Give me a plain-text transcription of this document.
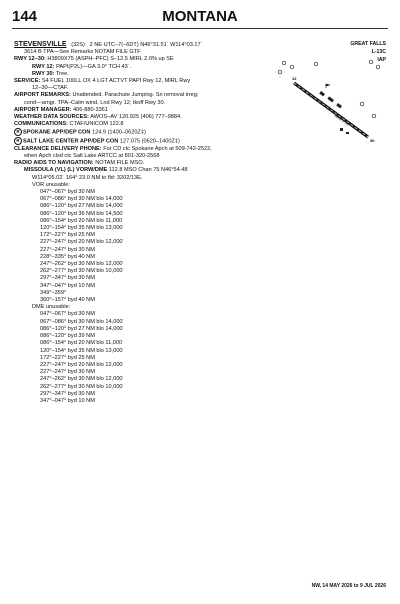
144	MONTANA
GREAT FALLS
L-13C
IAP
STEVENSVILLE (32S) 2 NE UTC–7(–6DT) N46°31.51´ W114°03.17´
3614 B TPA—See Remarks NOTAM FILE GTF
RWY 12–30: H3809X75 (ASPH–PFC) S–12.5 MIRL 2.0% up SE
RWY 12: PAPI(P2L)—GA 3.0° TCH 43´.
RWY 30: Tree.
SERVICE: S4 FUEL 100LL OX 4 LGT ACTVT PAPI Rwy 12, MIRL Rwy
12–30—CTAF.
AIRPORT REMARKS: Unattended. Parachute Jumping. Sn removal irreg;
cond—arngr. TPA–Calm wind. Lnd Rwy 12; tkoff Rwy 30.
AIRPORT MANAGER: 406-880-3361
WEATHER DATA SOURCES: AWOS–AV 120.925 (406) 777–9884.
COMMUNICATIONS: CTAF/UNICOM 122.8
R SPOKANE APP/DEP CON 124.9 (1400–0620Z‡)
R SALT LAKE CENTER APP/DEP CON 127.075 (0620–1400Z‡)
CLEARANCE DELIVERY PHONE: For CD ctc Spokane Apch at 509-742-2522,
when Apch clsd ctc Salt Lake ARTCC at 801-320-2568
RADIO AIDS TO NAVIGATION: NOTAM FILE MSO.
MISSOULA (VL) (L) VORW/DME 112.8 MSO Chan 75 N46°54.48´
W114°05.02´ 164° 23.0 NM to fld: 3202/13E.
VOR unusable:
047°–067° byd 30 NM
067°–086° byd 30 NM blo 14,000´
086°–120° byd 27 NM blo 14,000´
086°–120° byd 36 NM blo 14,500´
086°–154° byd 20 NM blo 11,000´
120°–154° byd 35 NM blo 13,000´
172°–227° byd 25 NM
227°–247° byd 20 NM blo 12,000´
227°–247° byd 30 NM
228°–335° byd 40 NM
247°–262° byd 30 NM blo 12,000´
262°–277° byd 30 NM blo 10,000´
297°–347° byd 30 NM
347°–047° byd 10 NM
349°–359°
360°–157° byd 40 NM
DME unusable:
047°–067° byd 30 NM
067°–086° byd 30 NM blo 14,000´
086°–120° byd 27 NM blo 14,000´
086°–120° byd 39 NM
086°–154° byd 20 NM blo 11,000´
120°–154° byd 35 NM blo 13,000´
172°–227° byd 25 NM
227°–247° byd 20 NM blo 12,000´
227°–247° byd 30 NM
247°–262° byd 30 NM blo 12,000´
262°–277° byd 30 NM blo 10,000´
297°–347° byd 30 NM
347°–047° byd 10 NM
12
30
3809 X 75
NW, 14 MAY 2026 to 9 JUL 2026
